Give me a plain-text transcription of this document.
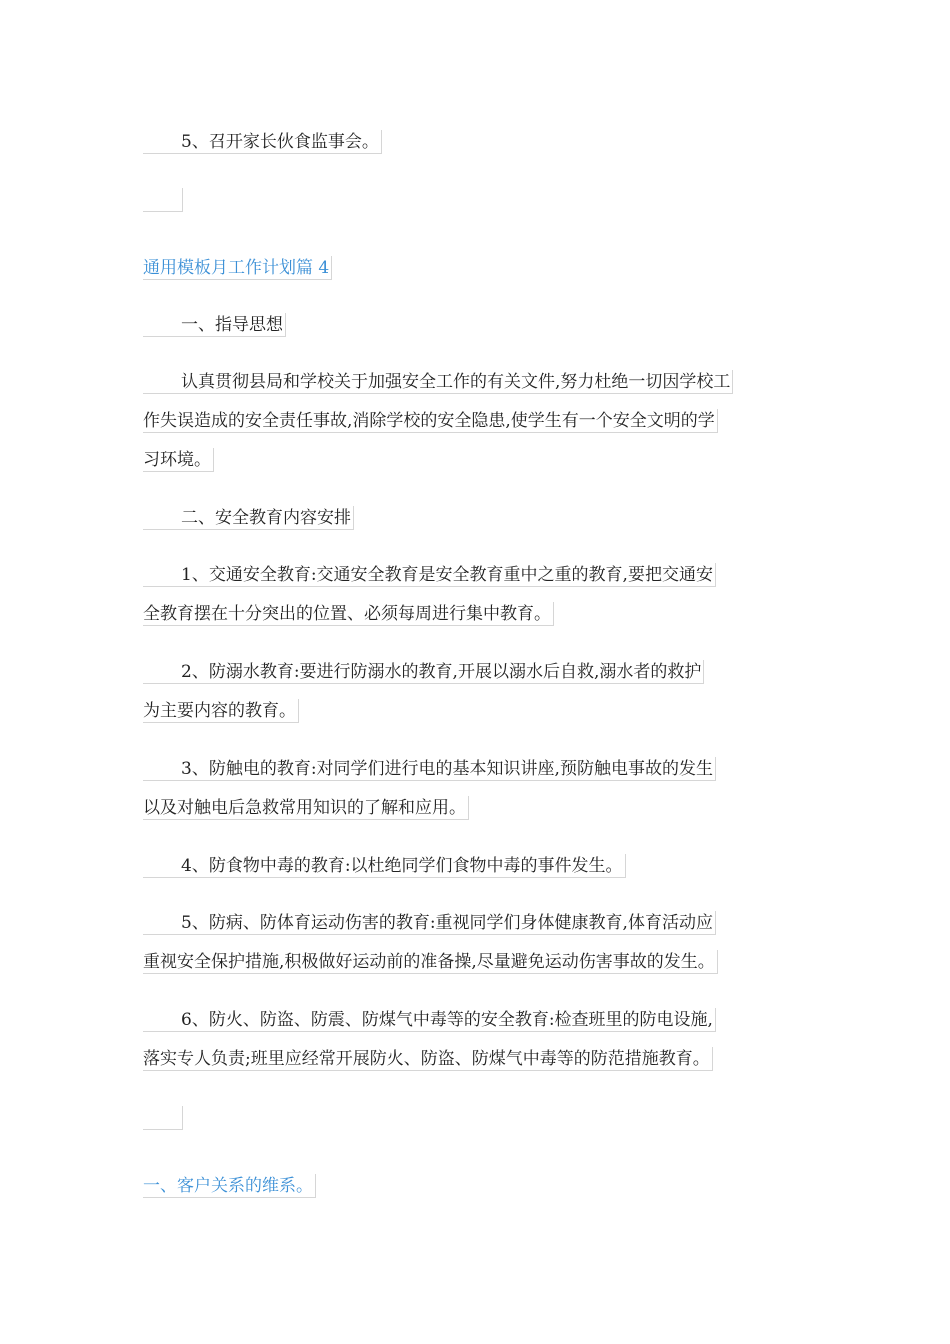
5、召开家长伙食监事会。
通用模板月工作计划篇 4
一、指导思想
认真贯彻县局和学校关于加强安全工作的有关文件,努力杜绝一切因学校工
作失误造成的安全责任事故,消除学校的安全隐患,使学生有一个安全文明的学
习环境。
二、安全教育内容安排
1、交通安全教育:交通安全教育是安全教育重中之重的教育,要把交通安
全教育摆在十分突出的位置、必须每周进行集中教育。
2、防溺水教育:要进行防溺水的教育,开展以溺水后自救,溺水者的救护
为主要内容的教育。
3、防触电的教育:对同学们进行电的基本知识讲座,预防触电事故的发生
以及对触电后急救常用知识的了解和应用。
4、防食物中毒的教育:以杜绝同学们食物中毒的事件发生。
5、防病、防体育运动伤害的教育:重视同学们身体健康教育,体育活动应
重视安全保护措施,积极做好运动前的准备操,尽量避免运动伤害事故的发生。
6、防火、防盗、防震、防煤气中毒等的安全教育:检查班里的防电设施,
落实专人负责;班里应经常开展防火、防盗、防煤气中毒等的防范措施教育。
一、客户关系的维系。
